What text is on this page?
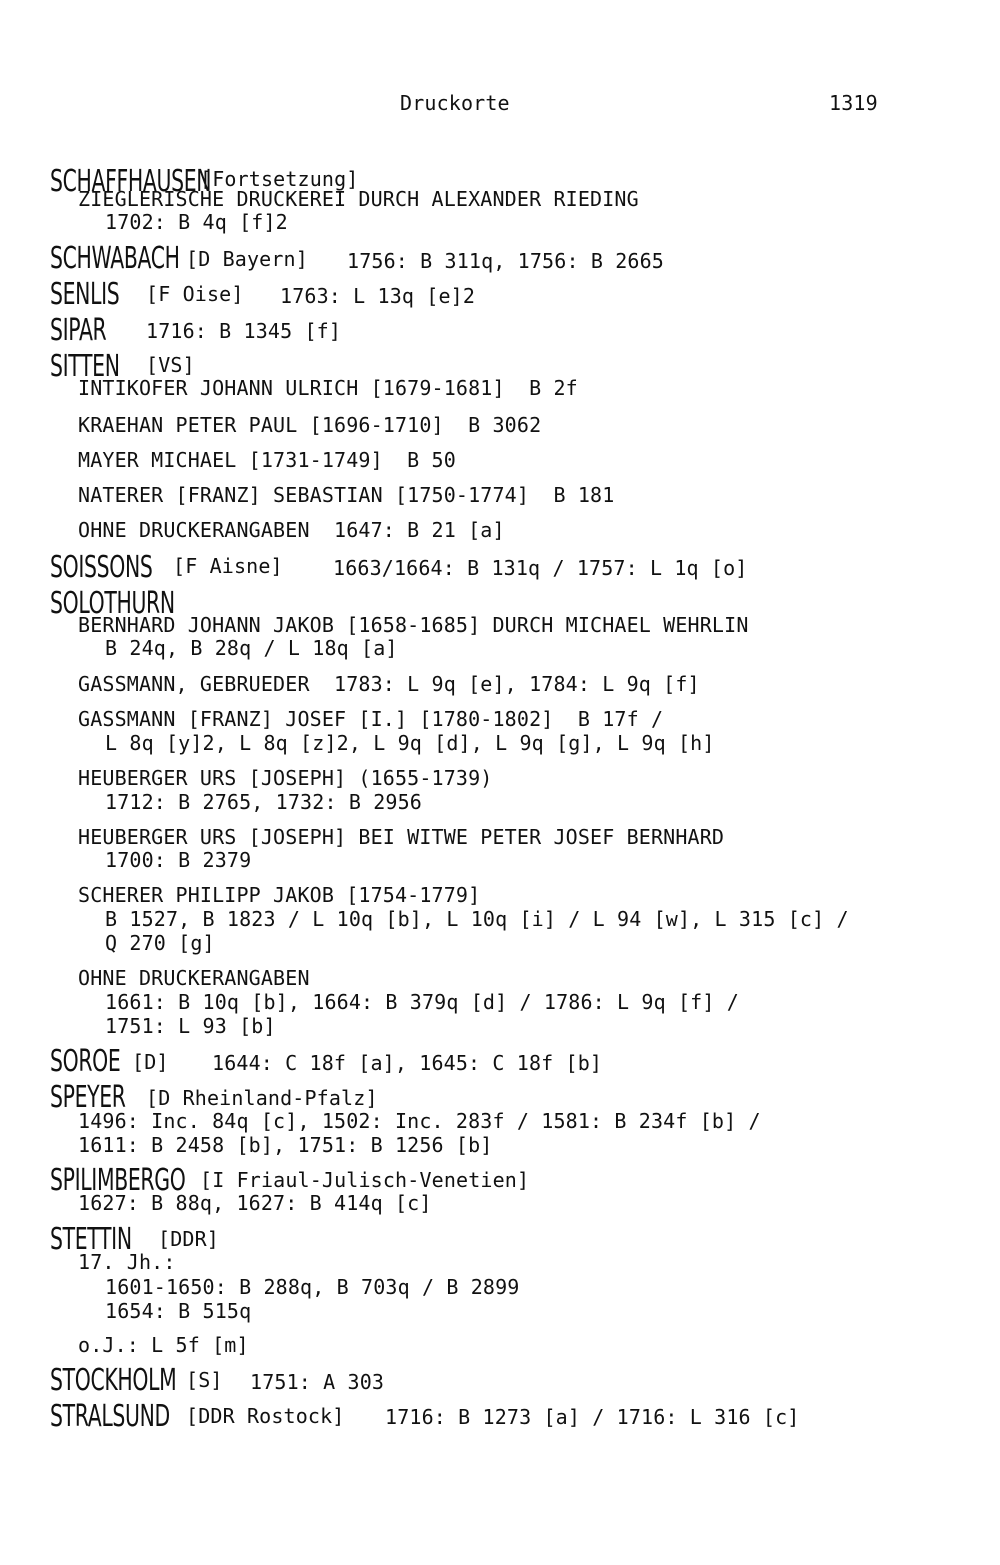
Druckorte	1319
SCHAFFHAUSEN
[Fortsetzung]
ZIEGLERISCHE DRUCKEREI DURCH ALEXANDER RIEDING
1702: B 4q [f]2
SCHWABACH [D Bayern] 1756: B 311q, 1756: B 2665
SENLIS [F Oise] 1763: L 13q [e]2
SIPAR 1716: B 1345 [f]
SITTEN [VS]
INTIKOFER JOHANN ULRICH [1679-1681]  B 2f
KRAEHAN PETER PAUL [1696-1710]  B 3062
MAYER MICHAEL [1731-1749]  B 50
NATERER [FRANZ] SEBASTIAN [1750-1774]  B 181
OHNE DRUCKERANGABEN  1647: B 21 [a]
SOISSONS [F Aisne]	1663/1664: B 131q / 1757: L 1q [o]
SOLOTHURN
BERNHARD JOHANN JAKOB [1658-1685] DURCH MICHAEL WEHRLIN
B 24q, B 28q / L 18q [a]
GASSMANN, GEBRUEDER  1783: L 9q [e], 1784: L 9q [f]
GASSMANN [FRANZ] JOSEF [I.] [1780-1802]  B 17f /
L 8q [y]2, L 8q [z]2, L 9q [d], L 9q [g], L 9q [h]
HEUBERGER URS [JOSEPH] (1655-1739)
1712: B 2765, 1732: B 2956
HEUBERGER URS [JOSEPH] BEI WITWE PETER JOSEF BERNHARD
1700: B 2379
SCHERER PHILIPP JAKOB [1754-1779]
B 1527, B 1823 / L 10q [b], L 10q [i] / L 94 [w], L 315 [c] /
Q 270 [g]
OHNE DRUCKERANGABEN
1661: B 10q [b], 1664: B 379q [d] / 1786: L 9q [f] /
1751: L 93 [b]
SOROE [D] 1644: C 18f [a], 1645: C 18f [b]
SPEYER [D Rheinland-Pfalz]
1496: Inc. 84q [c], 1502: Inc. 283f / 1581: B 234f [b] /
1611: B 2458 [b], 1751: B 1256 [b]
SPILIMBERGO [I Friaul-Julisch-Venetien]
1627: B 88q, 1627: B 414q [c]
STETTIN [DDR]
17. Jh.:
1601-1650: B 288q, B 703q / B 2899
1654: B 515q
o.J.: L 5f [m]
STOCKHOLM [S] 1751: A 303
STRALSUND [DDR Rostock] 1716: B 1273 [a] / 1716: L 316 [c]
